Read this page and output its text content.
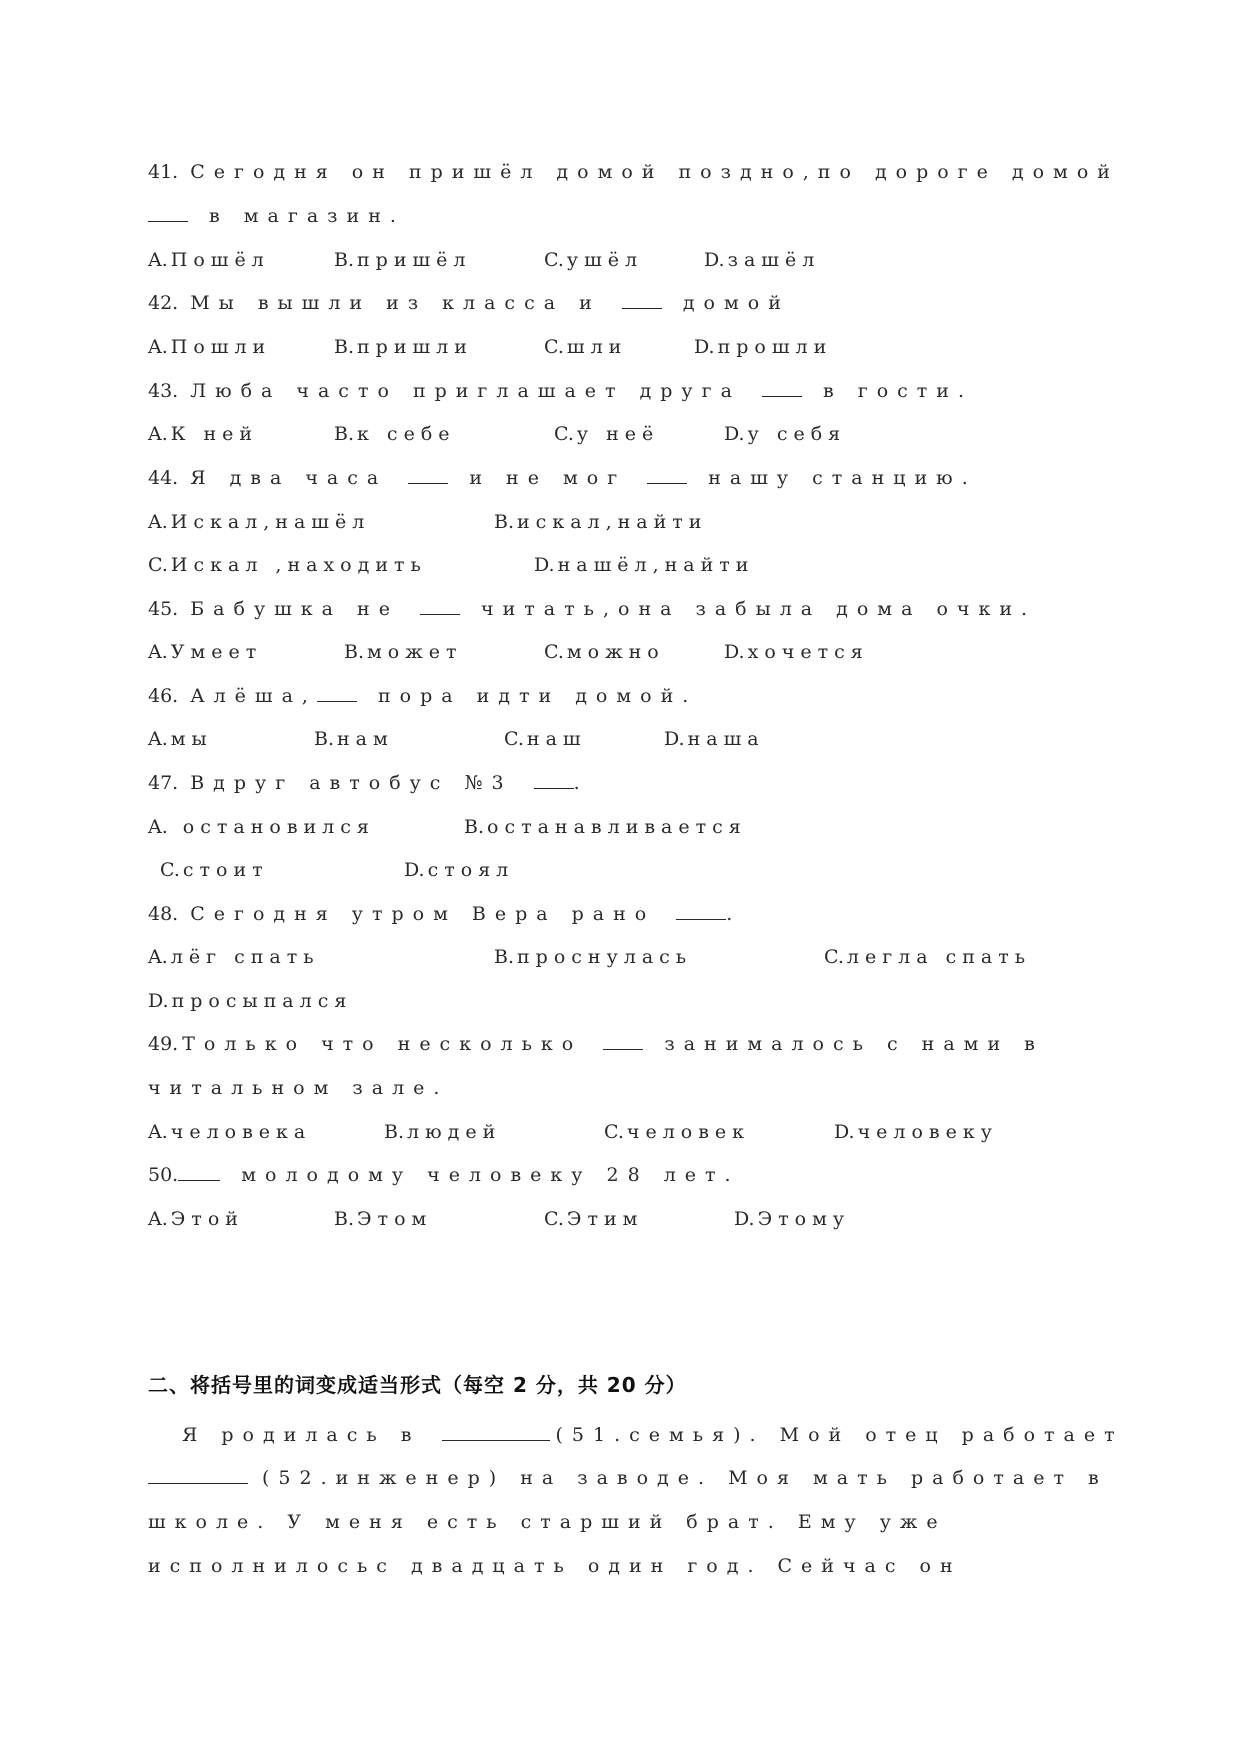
41. Сегодня он пришёл домой поздно,по дороге домой
в магазин.
A. Пошёл	B. пришёл	C. ушёл	D. зашёл
42. Мы вышли из класса и	домой
A. Пошли	B. пришли	C. шли	D. прошли
43. Люба часто приглашает друга	в гости.
A. К ней	B. к себе	C. у неё	D. у себя
44. Я два часа	и не мог	нашу станцию.
A. Искал,нашёл	B. искал,найти
C. Искал ,находить	D. нашёл,найти
45. Бабушка не	читать,она забыла дома очки.
A. Умеет	B. может	C. можно	D. хочется
46. Алёша,	пора идти домой.
A. мы	B. нам	C. наш	D. наша
47. Вдруг автобус №3	.
A. остановился	B. останавливается
C. стоит	D. стоял
48. Сегодня утром Вера рано	.
A. лёг спать	B. проснулась	C. легла спать
D. просыпался
49. Только что несколько	занималось с нами в
читальном зале.
A. человека	B. людей	C. человек	D. человеку
50.	молодому человеку 28 лет.
A. Этой	B. Этом	C. Этим	D. Этому
二、将括号里的词变成适当形式（每空 2 分，共 20 分）
Я родилась в	(51.семья). Мой отец работает
(52.инженер) на заводе. Моя мать работает в
школе. У меня есть старший брат. Ему уже
исполнилосьс двадцать один год. Сейчас он
